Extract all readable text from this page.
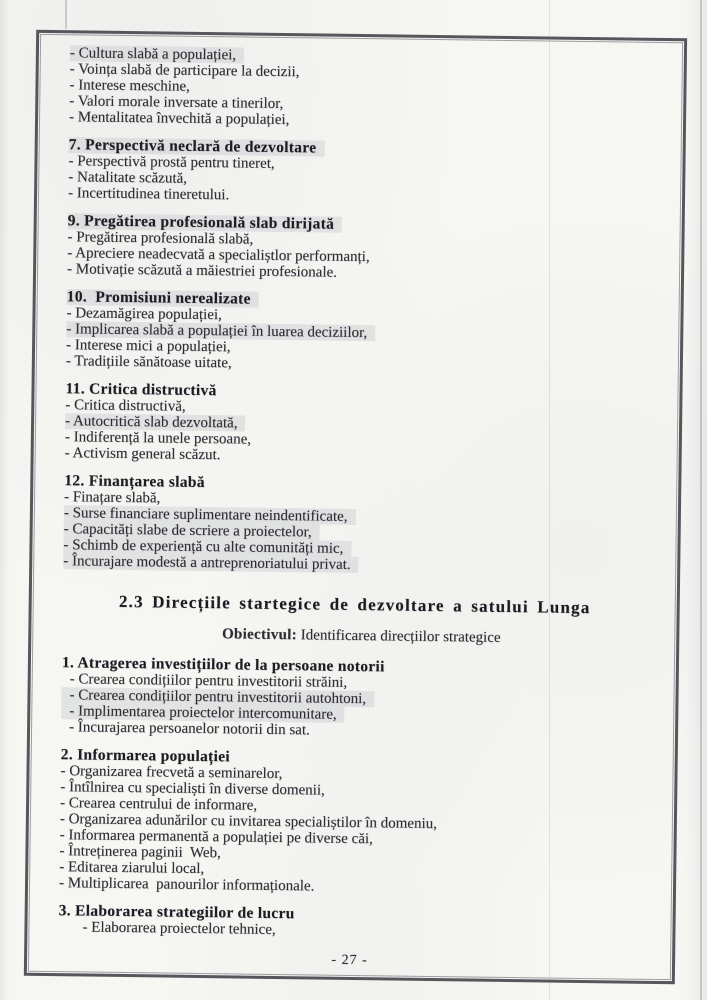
- Cultura slabă a populației,
- Voința slabă de participare la decizii,
- Interese meschine,
- Valori morale inversate a tinerilor,
- Mentalitatea învechită a populației,
7. Perspectivă neclară de dezvoltare
- Perspectivă prostă pentru tineret,
- Natalitate scăzută,
- Incertitudinea tineretului.
9. Pregătirea profesională slab dirijată
- Pregătirea profesională slabă,
- Apreciere neadecvată a specialiștlor performanți,
- Motivație scăzută a măiestriei profesionale.
10.  Promisiuni nerealizate
- Dezamăgirea populației,
- Implicarea slabă a populației în luarea deciziilor,
- Interese mici a populației,
- Tradițiile sănătoase uitate,
11. Critica distructivă
- Critica distructivă,
- Autocritică slab dezvoltată,
- Indiferență la unele persoane,
- Activism general scăzut.
12. Finanțarea slabă
- Finațare slabă,
- Surse financiare suplimentare neindentificate,
- Capacități slabe de scriere a proiectelor,
- Schimb de experiență cu alte comunități mic,
- Încurajare modestă a antreprenoriatului privat.
2.3 Direcțiile startegice de dezvoltare a satului Lunga

Obiectivul: Identificarea direcțiilor strategice

1. Atragerea investițiilor de la persoane notorii
- Crearea condițiilor pentru investitorii străini,
- Crearea condițiilor pentru investitorii autohtoni,
- Implimentarea proiectelor intercomunitare,
- Încurajarea persoanelor notorii din sat.
2. Informarea populației
- Organizarea frecvetă a seminarelor,
- Întîlnirea cu specialiști în diverse domenii,
- Crearea centrului de informare,
- Organizarea adunărilor cu invitarea specialiștilor în domeniu,
- Informarea permanentă a populației pe diverse căi,
- Întreținerea paginii  Web,
- Editarea ziarului local,
- Multiplicarea  panourilor informaționale.
3. Elaborarea strategiilor de lucru
- Elaborarea proiectelor tehnice,
- 27 -
